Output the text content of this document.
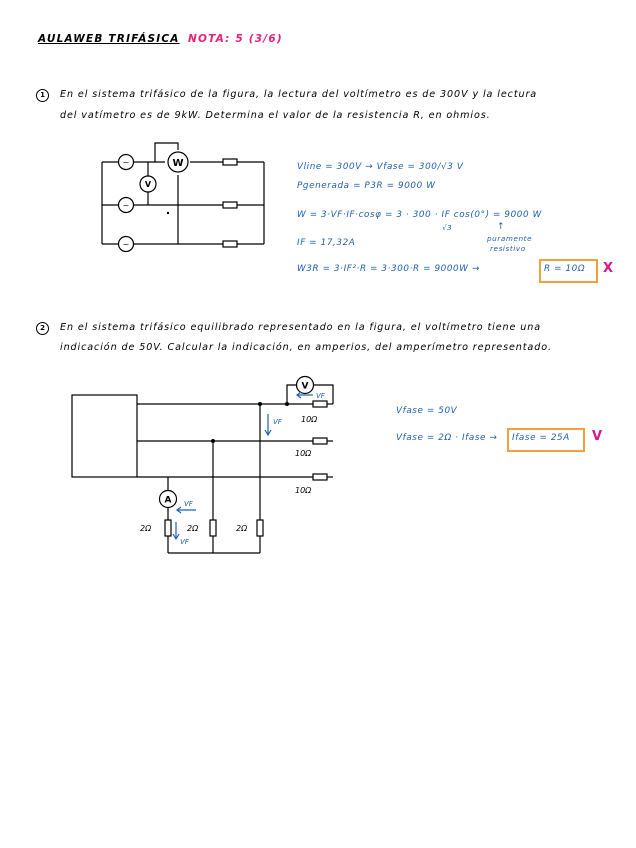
AULAWEB TRIFÁSICA NOTA: 5 (3/6)
1	En el sistema trifásico de la figura, la lectura del voltímetro es de 300V y la lectura
del vatímetro es de 9kW. Determina el valor de la resistencia R, en ohmios.
~
~
~
W
V
Vline = 300V → Vfase = 300/√3 V
Pgenerada = P3R = 9000 W
W = 3·VF·IF·cosφ = 3 · 300 · IF cos(0°) = 9000 W
√3	↑
puramente
resistivo
IF = 17,32A
W3R = 3·IF²·R = 3·300·R = 9000W →	R = 10Ω X
2	En el sistema trifásico equilibrado representado en la figura, el voltímetro tiene una
indicación de 50V. Calcular la indicación, en amperios, del amperímetro representado.
V
A
10Ω
10Ω
10Ω
2Ω	2Ω	2Ω
VF
VF
VF
VF
Vfase = 50V
Vfase = 2Ω · Ifase → Ifase = 25A V
